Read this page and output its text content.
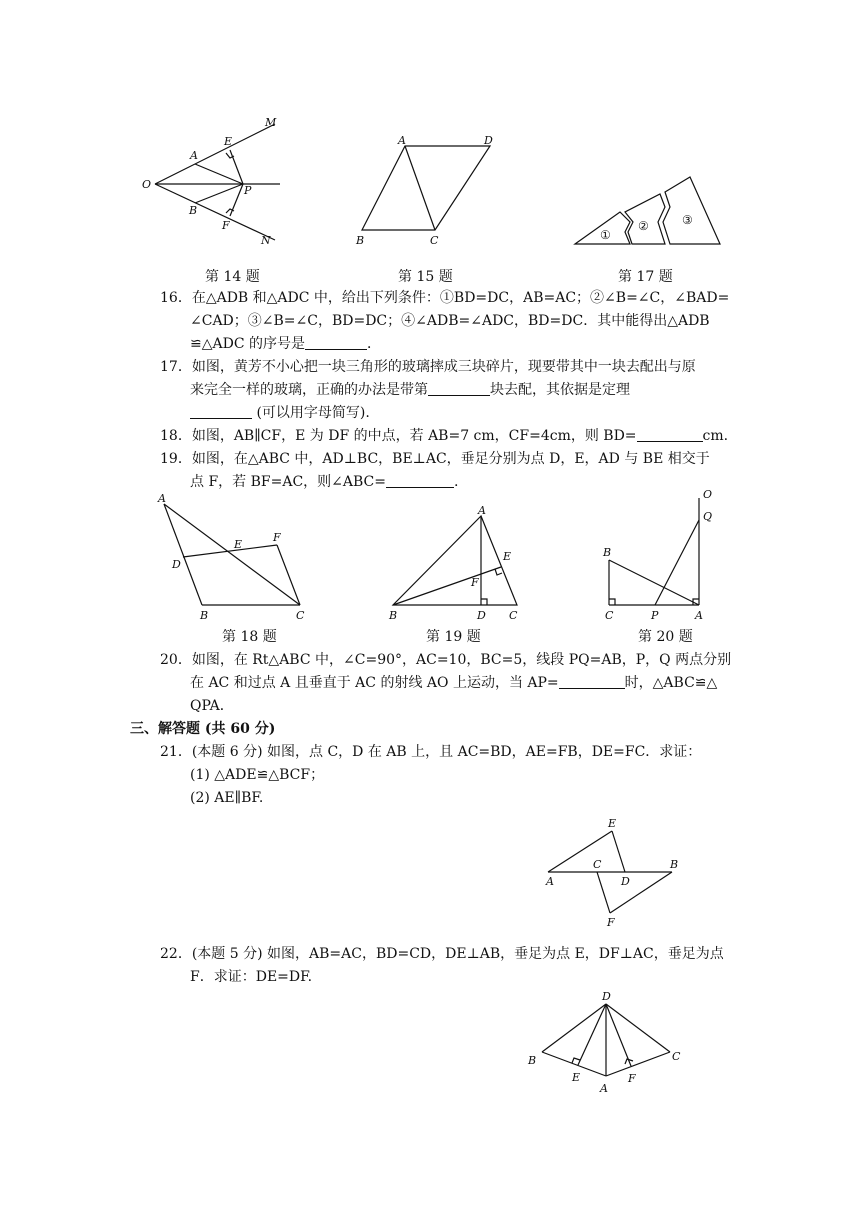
M
E
A
O	P
B
F
N
A	D
B	C	①
②	③
第 14 题	第 15 题	第 17 题
16．在△ADB 和△ADC 中，给出下列条件：①BD=DC，AB=AC；②∠B=∠C，∠BAD=
∠CAD；③∠B=∠C，BD=DC；④∠ADB=∠ADC，BD=DC．其中能得出△ADB
≌△ADC 的序号是	．
17．如图，黄芳不小心把一块三角形的玻璃摔成三块碎片，现要带其中一块去配出与原
来完全一样的玻璃，正确的办法是带第	块去配，其依据是定理
(可以用字母简写).
18．如图，AB∥CF，E 为 DF 的中点，若 AB=7 cm，CF=4cm，则 BD=	cm.
19．如图，在△ABC 中，AD⊥BC，BE⊥AC，垂足分别为点 D，E，AD 与 BE 相交于
点 F，若 BF=AC，则∠ABC=	.
A
F
E
D
B	C
A
E
F
B	D C
O
Q
B
C	P	A
第 18 题	第 19 题	第 20 题
20．如图，在 Rt△ABC 中，∠C=90°，AC=10，BC=5，线段 PQ=AB，P，Q 两点分别
在 AC 和过点 A 且垂直于 AC 的射线 AO 上运动，当 AP=	时，△ABC≌△
QPA．
三、解答题 (共 60 分)
21．(本题 6 分) 如图，点 C，D 在 AB 上，且 AC=BD，AE=FB，DE=FC．求证：
(1) △ADE≌△BCF；
(2) AE∥BF.
E
C	B
A	D
F
22．(本题 5 分) 如图，AB=AC，BD=CD，DE⊥AB，垂足为点 E，DF⊥AC，垂足为点
F．求证：DE=DF.
D
B	C
E	F
A
